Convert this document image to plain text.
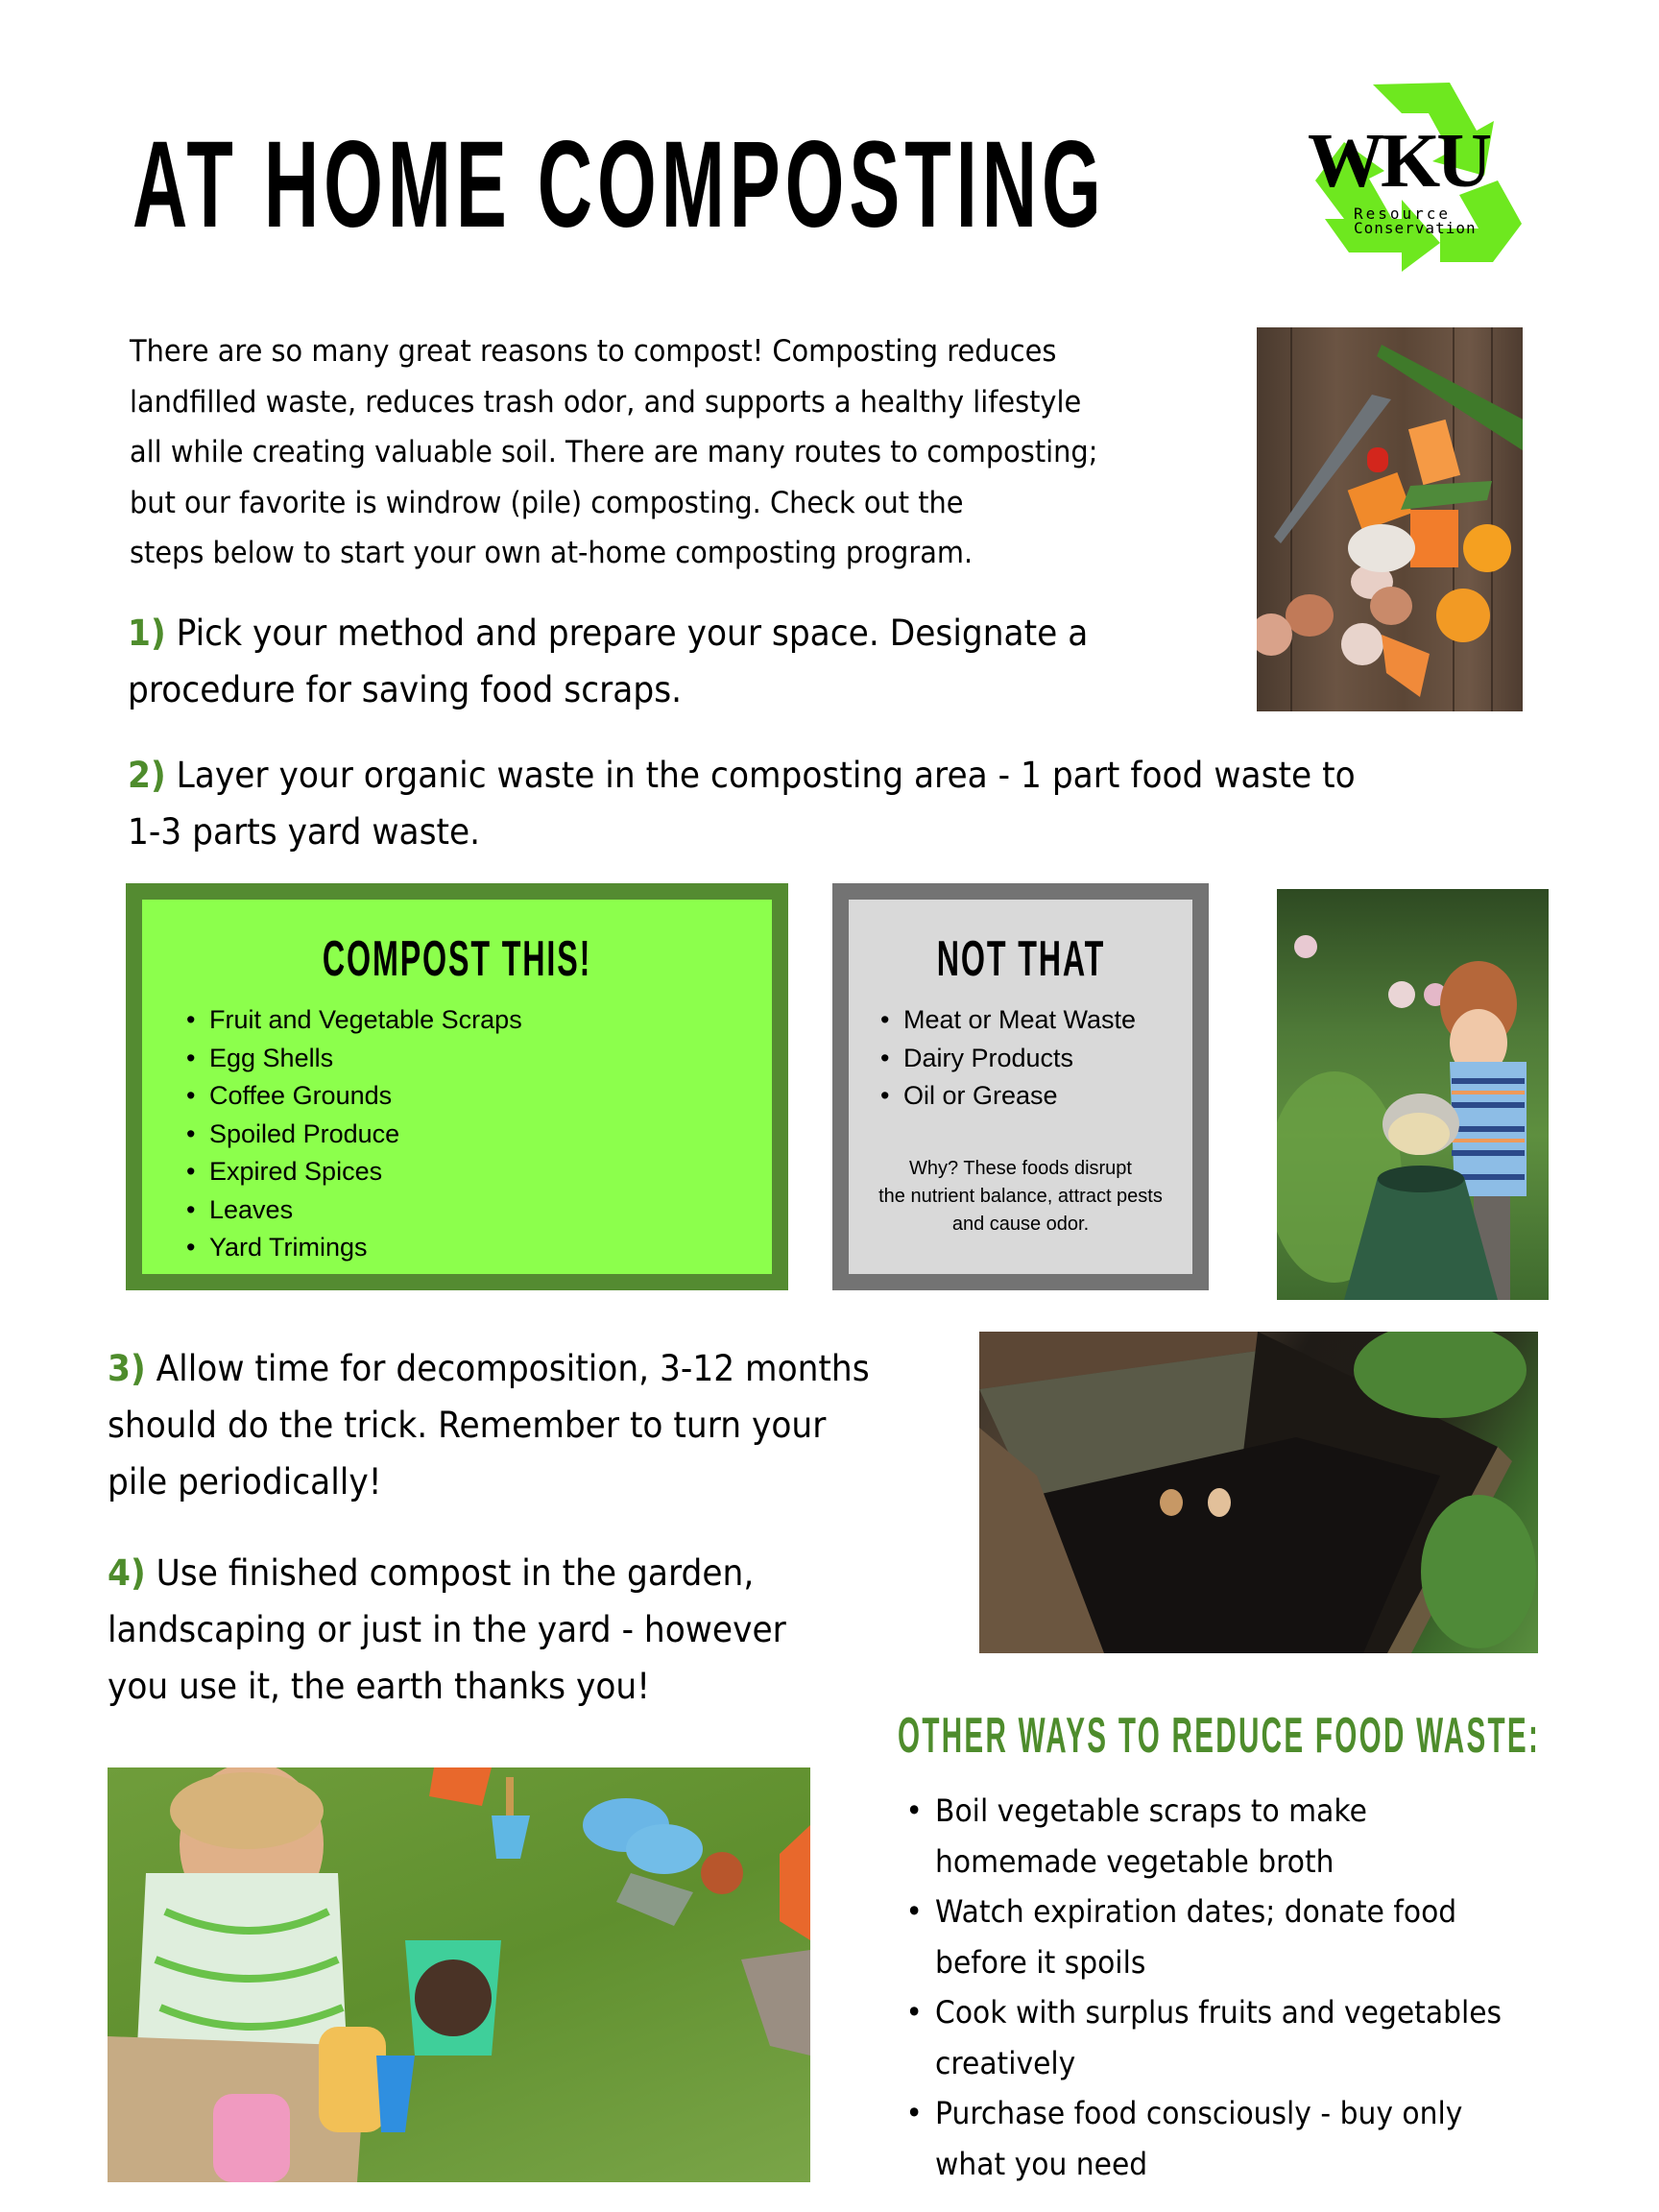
AT HOME COMPOSTING	WKU
Resource
Conservation
There are so many great reasons to compost! Composting reduces
landfilled waste, reduces trash odor, and supports a healthy lifestyle
all while creating valuable soil. There are many routes to composting;
but our favorite is windrow (pile) composting. Check out the
steps below to start your own at-home composting program.
1) Pick your method and prepare your space. Designate a
procedure for saving food scraps.
2) Layer your organic waste in the composting area - 1 part food waste to
1-3 parts yard waste.
COMPOST THIS!
• Fruit and Vegetable Scraps
• Egg Shells
• Coffee Grounds
• Spoiled Produce
• Expired Spices
• Leaves
• Yard Trimings
NOT THAT
• Meat or Meat Waste
• Dairy Products
• Oil or Grease
Why? These foods disrupt
the nutrient balance, attract pests
and cause odor.
3) Allow time for decomposition, 3-12 months
should do the trick. Remember to turn your
pile periodically!
4) Use finished compost in the garden,
landscaping or just in the yard - however
you use it, the earth thanks you!
OTHER WAYS TO REDUCE FOOD WASTE:
• Boil vegetable scraps to make
homemade vegetable broth
• Watch expiration dates; donate food
before it spoils
• Cook with surplus fruits and vegetables
creatively
• Purchase food consciously - buy only
what you need
